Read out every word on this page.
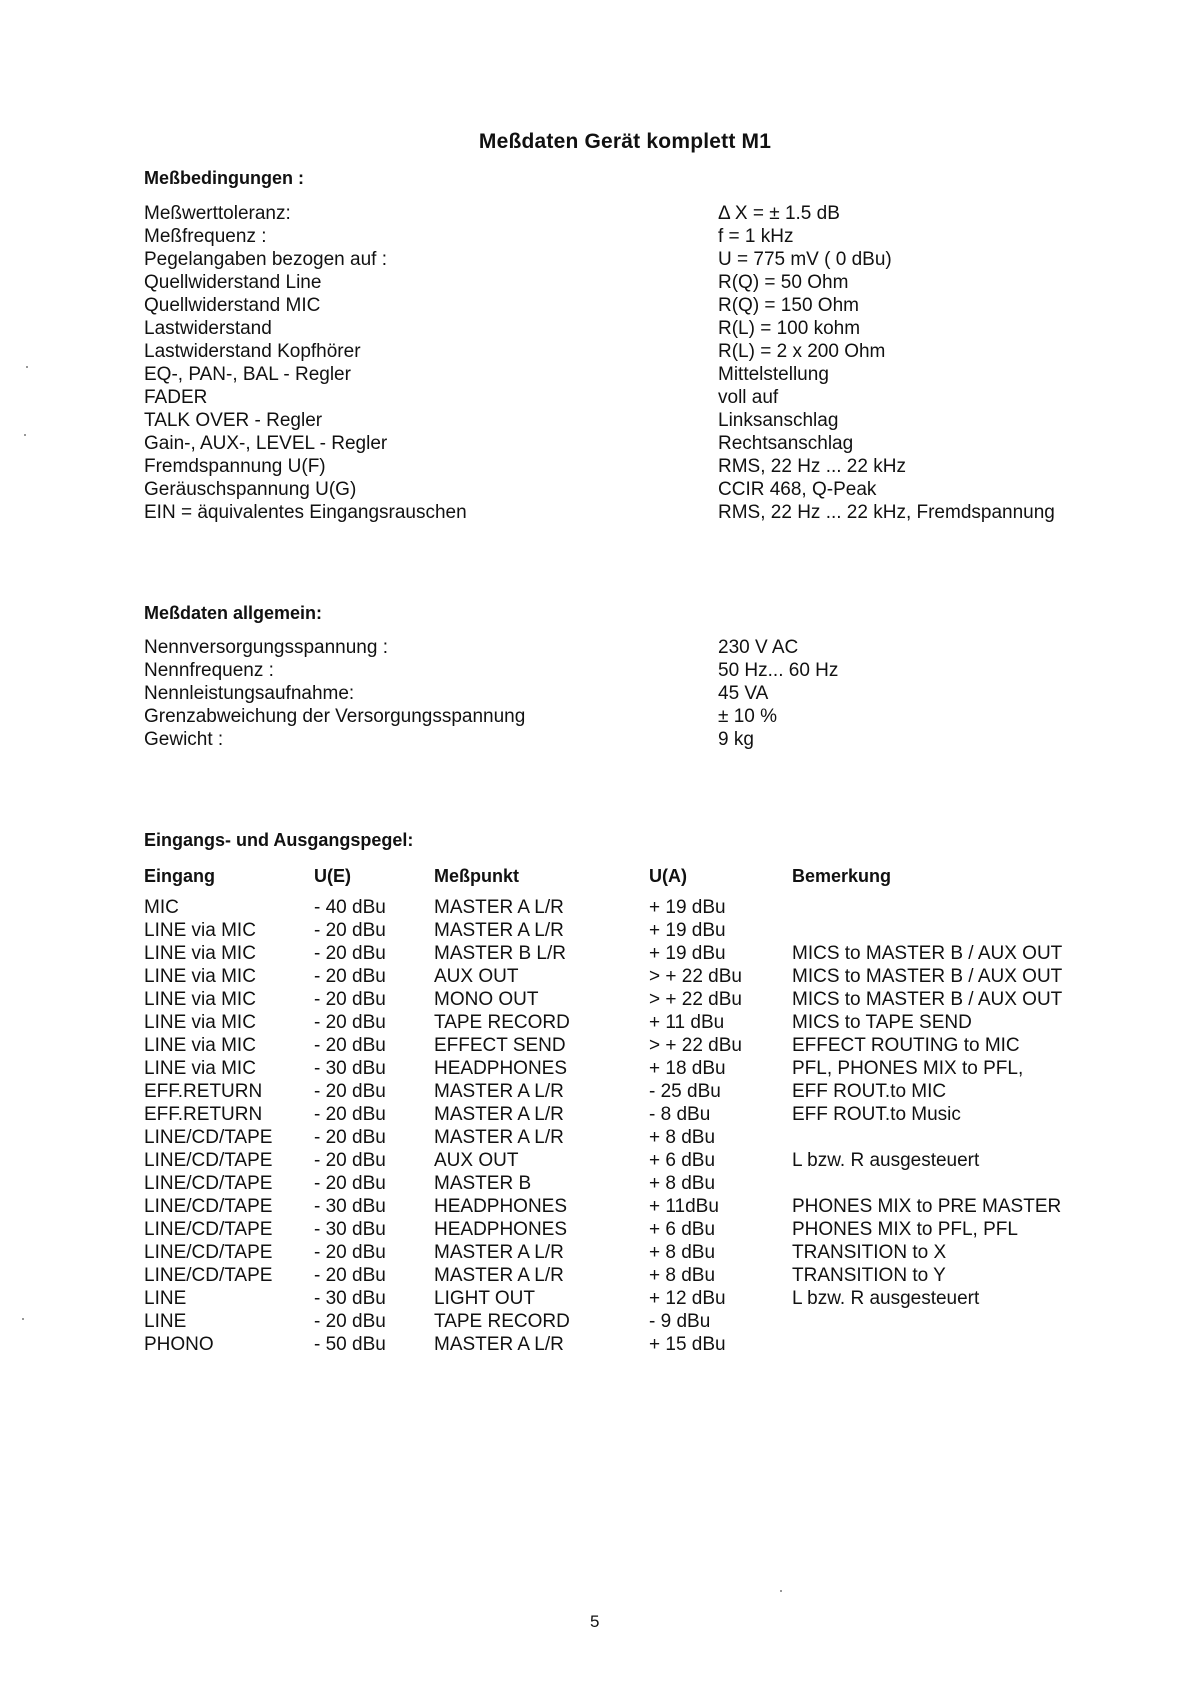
Meßdaten Gerät komplett M1
Meßbedingungen :
Meßwerttoleranz:	Δ X = ± 1.5 dB
Meßfrequenz :	f = 1 kHz
Pegelangaben bezogen auf :	U = 775 mV ( 0 dBu)
Quellwiderstand Line	R(Q) = 50 Ohm
Quellwiderstand MIC	R(Q) = 150 Ohm
Lastwiderstand	R(L) = 100 kohm
Lastwiderstand Kopfhörer	R(L) = 2 x 200 Ohm
EQ-, PAN-, BAL - Regler	Mittelstellung
FADER	voll auf
TALK OVER - Regler	Linksanschlag
Gain-, AUX-, LEVEL - Regler	Rechtsanschlag
Fremdspannung U(F)	RMS, 22 Hz ... 22 kHz
Geräuschspannung U(G)	CCIR 468, Q-Peak
EIN = äquivalentes Eingangsrauschen	RMS, 22 Hz ... 22 kHz, Fremdspannung
Meßdaten allgemein:
Nennversorgungsspannung :	230 V AC
Nennfrequenz :	50 Hz... 60 Hz
Nennleistungsaufnahme:	45 VA
Grenzabweichung der Versorgungsspannung	± 10 %
Gewicht :	9 kg
Eingangs- und Ausgangspegel:
Eingang	U(E)	Meßpunkt	U(A)	Bemerkung
MIC	- 40 dBu	MASTER A L/R	+ 19 dBu
LINE via MIC	- 20 dBu	MASTER A L/R	+ 19 dBu
LINE via MIC	- 20 dBu	MASTER B L/R	+ 19 dBu	MICS to MASTER B / AUX OUT
LINE via MIC	- 20 dBu	AUX OUT	> + 22 dBu	MICS to MASTER B / AUX OUT
LINE via MIC	- 20 dBu	MONO OUT	> + 22 dBu	MICS to MASTER B / AUX OUT
LINE via MIC	- 20 dBu	TAPE RECORD	+ 11 dBu	MICS to TAPE SEND
LINE via MIC	- 20 dBu	EFFECT SEND	> + 22 dBu	EFFECT ROUTING to MIC
LINE via MIC	- 30 dBu	HEADPHONES	+ 18 dBu	PFL, PHONES MIX to PFL,
EFF.RETURN	- 20 dBu	MASTER A L/R	- 25 dBu	EFF ROUT.to MIC
EFF.RETURN	- 20 dBu	MASTER A L/R	- 8 dBu	EFF ROUT.to Music
LINE/CD/TAPE - 20 dBu	MASTER A L/R	+ 8 dBu
LINE/CD/TAPE - 20 dBu	AUX OUT	+ 6 dBu	L bzw. R ausgesteuert
LINE/CD/TAPE - 20 dBu	MASTER B	+ 8 dBu
LINE/CD/TAPE - 30 dBu	HEADPHONES	+ 11dBu	PHONES MIX to PRE MASTER
LINE/CD/TAPE - 30 dBu	HEADPHONES	+ 6 dBu	PHONES MIX to PFL, PFL
LINE/CD/TAPE - 20 dBu	MASTER A L/R	+ 8 dBu	TRANSITION to X
LINE/CD/TAPE - 20 dBu	MASTER A L/R	+ 8 dBu	TRANSITION to Y
LINE	- 30 dBu	LIGHT OUT	+ 12 dBu	L bzw. R ausgesteuert
LINE	- 20 dBu	TAPE RECORD	- 9 dBu
PHONO	- 50 dBu	MASTER A L/R	+ 15 dBu
5
